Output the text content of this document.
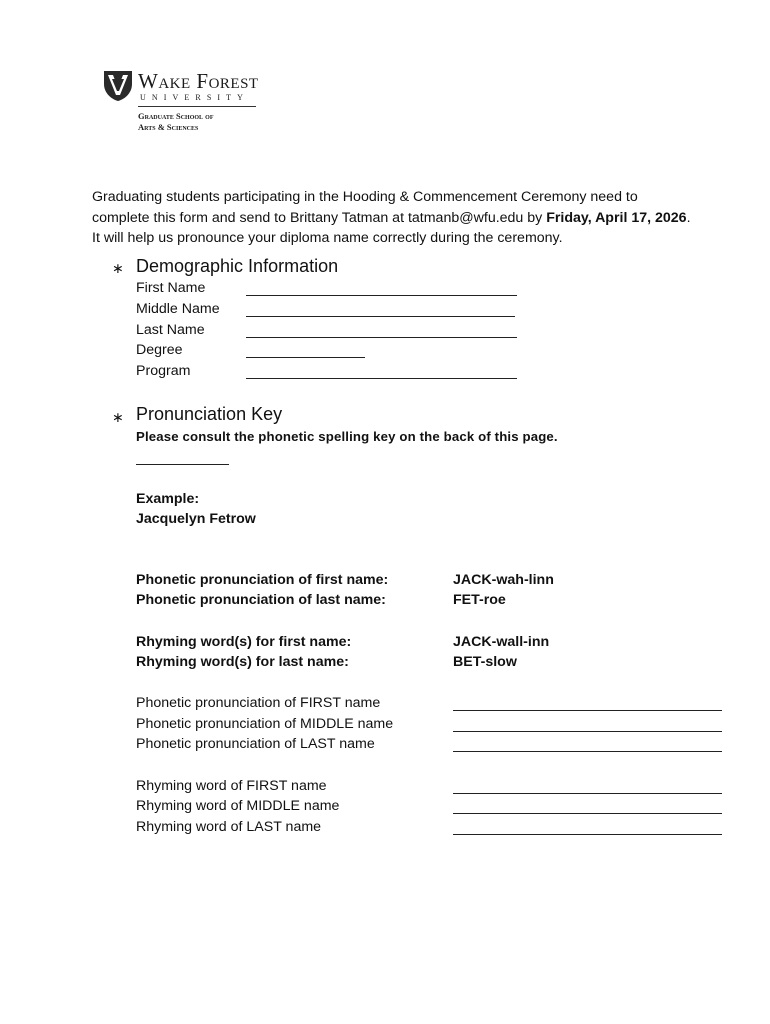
Wake Forest
UNIVERSITY
Graduate School of
Arts & Sciences

Graduating students participating in the Hooding & Commencement Ceremony need to complete this form and send to Brittany Tatman at tatmanb@wfu.edu by Friday, April 17, 2026. It will help us pronounce your diploma name correctly during the ceremony.

∗ Demographic Information
First Name
Middle Name
Last Name
Degree
Program
∗ Pronunciation Key
Please consult the phonetic spelling key on the back of this page.
Example:
Jacquelyn Fetrow
Phonetic pronunciation of first name:	JACK-wah-linn
Phonetic pronunciation of last name:	FET-roe
Rhyming word(s) for first name:	JACK-wall-inn
Rhyming word(s) for last name:	BET-slow
Phonetic pronunciation of FIRST name
Phonetic pronunciation of MIDDLE name
Phonetic pronunciation of LAST name
Rhyming word of FIRST name
Rhyming word of MIDDLE name
Rhyming word of LAST name
